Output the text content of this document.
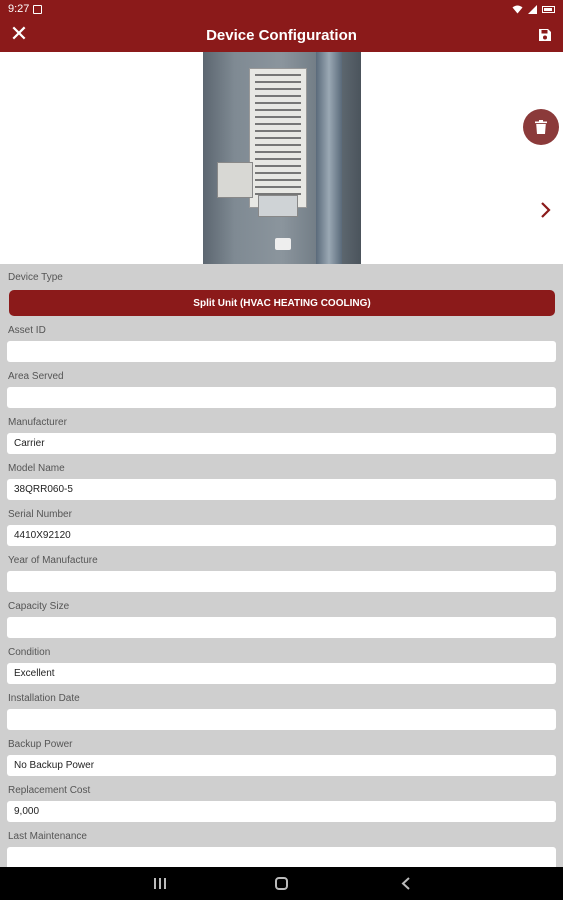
9:27
✕	Device Configuration
Device Type
Split Unit (HVAC HEATING COOLING)
Asset ID
Area Served
Manufacturer
Carrier
Model Name
38QRR060-5
Serial Number
4410X92120
Year of Manufacture
Capacity Size
Condition
Excellent
Installation Date
Backup Power
No Backup Power
Replacement Cost
9,000
Last Maintenance
